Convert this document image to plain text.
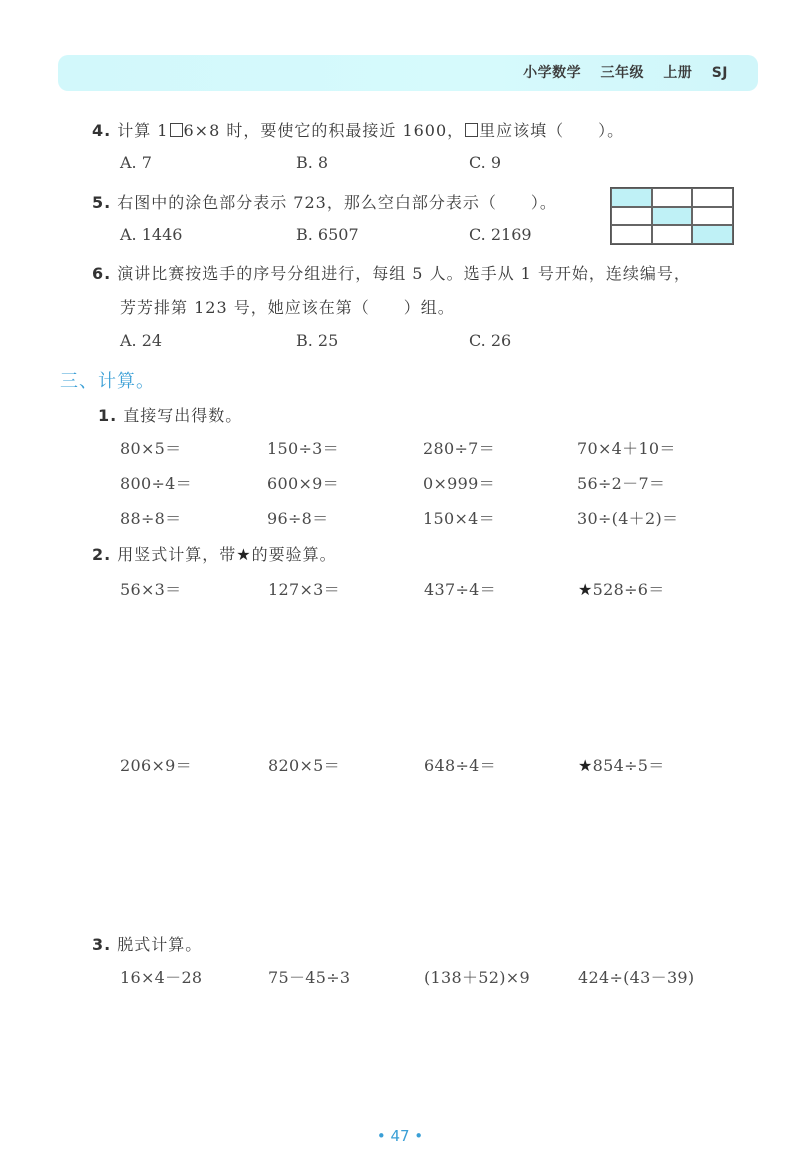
小学数学 三年级 上册 SJ
4. 计算 1 6×8 时，要使它的积最接近 1600， 里应该填（　　）。
A. 7	B. 8	C. 9
5. 右图中的涂色部分表示 723，那么空白部分表示（　　）。
A. 1446	B. 6507	C. 2169
6. 演讲比赛按选手的序号分组进行，每组 5 人。选手从 1 号开始，连续编号，
芳芳排第 123 号，她应该在第（　　）组。
A. 24	B. 25	C. 26
三、计算。
1. 直接写出得数。
80×5＝	150÷3＝	280÷7＝	70×4＋10＝
800÷4＝	600×9＝	0×999＝	56÷2－7＝
88÷8＝	96÷8＝	150×4＝	30÷(4＋2)＝
2. 用竖式计算，带★的要验算。
56×3＝	127×3＝	437÷4＝	★528÷6＝
206×9＝	820×5＝	648÷4＝	★854÷5＝
3. 脱式计算。
16×4－28	75－45÷3	(138＋52)×9	424÷(43－39)
• 47 •
